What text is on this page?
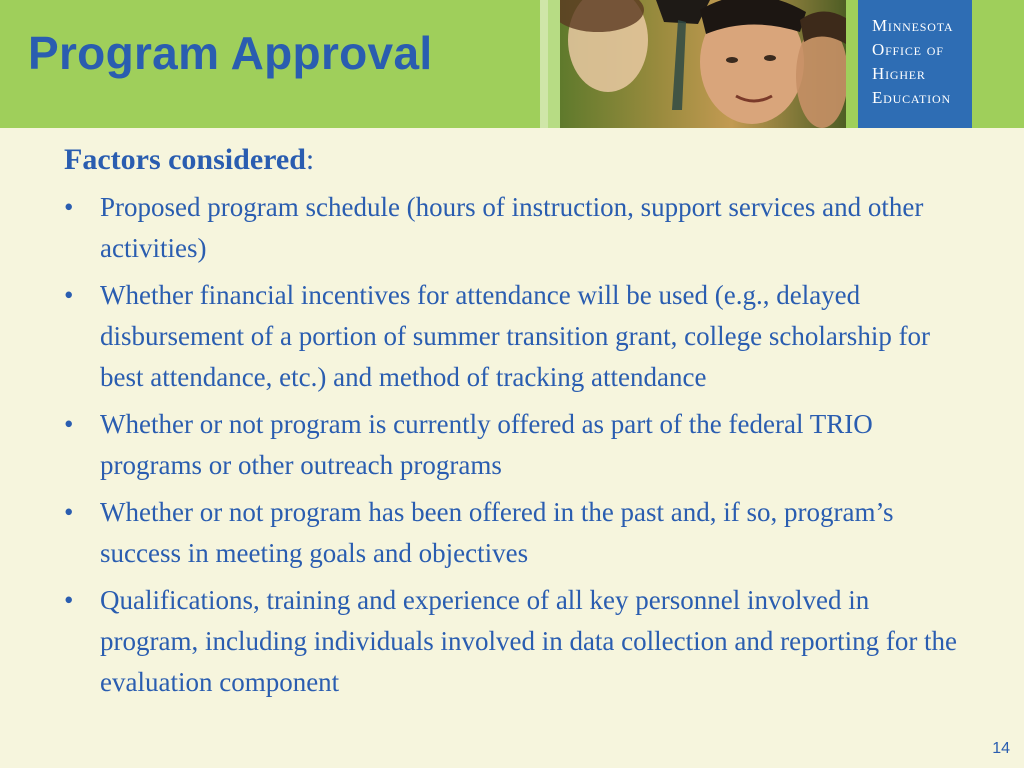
Program Approval
Minnesota
Office of
Higher
Education
Factors considered:
• Proposed program schedule (hours of instruction, support services and other activities)
• Whether financial incentives for attendance will be used (e.g., delayed disbursement of a portion of summer transition grant, college scholarship for best attendance, etc.) and method of tracking attendance
• Whether or not program is currently offered as part of the federal TRIO programs or other outreach programs
• Whether or not program has been offered in the past and, if so, program’s success in meeting goals and objectives
• Qualifications, training and experience of all key personnel involved in program, including individuals involved in data collection and reporting for the evaluation component
14
